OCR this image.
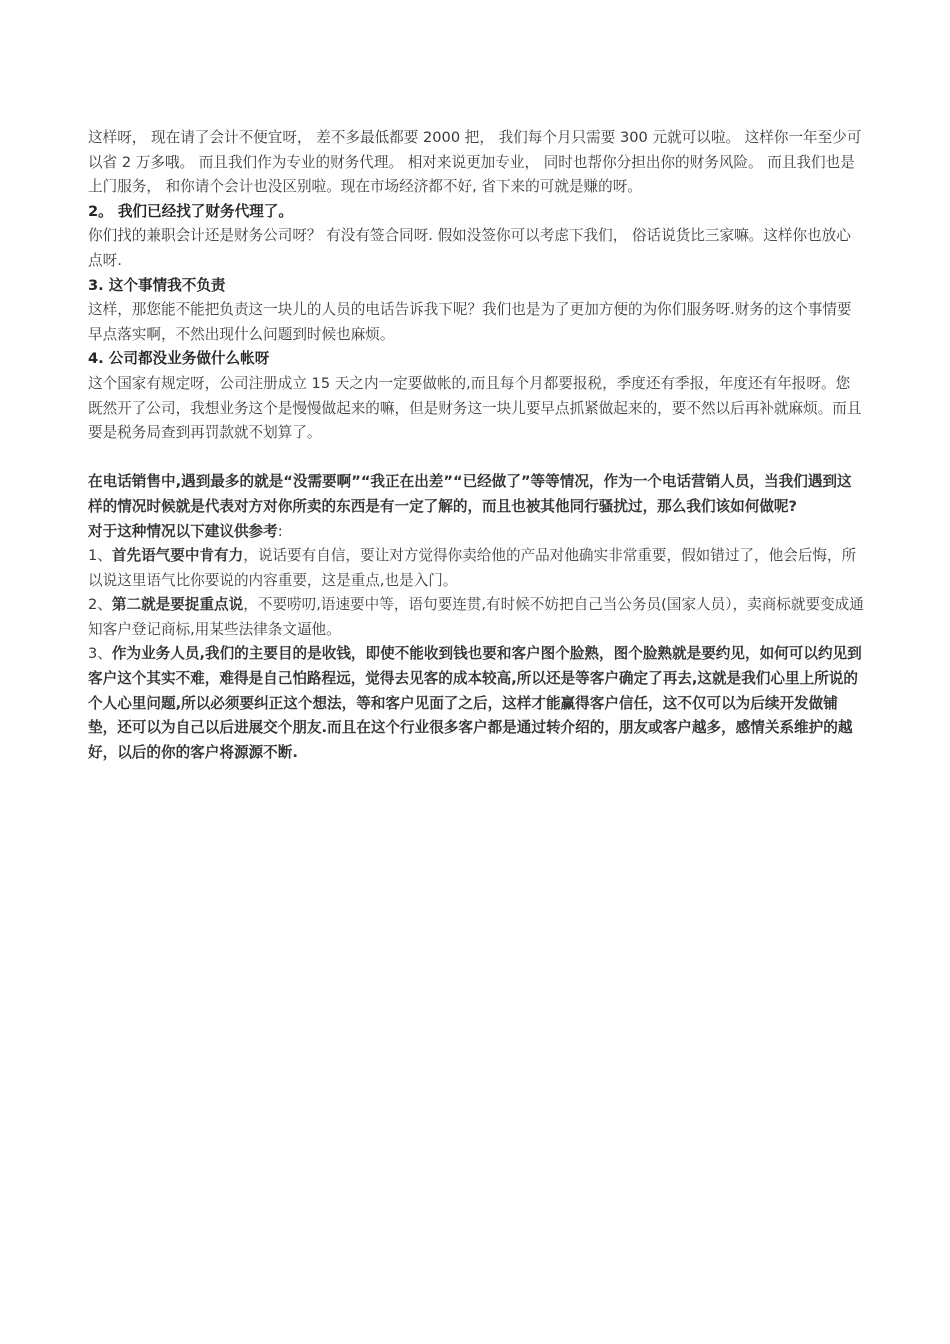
这样呀， 现在请了会计不便宜呀， 差不多最低都要 2000 把， 我们每个月只需要 300 元就可以啦。 这样你一年至少可以省 2 万多哦。 而且我们作为专业的财务代理。 相对来说更加专业， 同时也帮你分担出你的财务风险。 而且我们也是上门服务， 和你请个会计也没区别啦。现在市场经济都不好, 省下来的可就是赚的呀。

2。 我们已经找了财务代理了。

你们找的兼职会计还是财务公司呀？ 有没有签合同呀. 假如没签你可以考虑下我们， 俗话说货比三家嘛。这样你也放心点呀.

3. 这个事情我不负责

这样，那您能不能把负责这一块儿的人员的电话告诉我下呢？我们也是为了更加方便的为你们服务呀.财务的这个事情要早点落实啊，不然出现什么问题到时候也麻烦。

4. 公司都没业务做什么帐呀

这个国家有规定呀，公司注册成立 15 天之内一定要做帐的,而且每个月都要报税，季度还有季报，年度还有年报呀。您既然开了公司，我想业务这个是慢慢做起来的嘛，但是财务这一块儿要早点抓紧做起来的，要不然以后再补就麻烦。而且要是税务局查到再罚款就不划算了。

在电话销售中,遇到最多的就是“没需要啊”“我正在出差”“已经做了”等等情况，作为一个电话营销人员，当我们遇到这样的情况时候就是代表对方对你所卖的东西是有一定了解的，而且也被其他同行骚扰过，那么我们该如何做呢?

对于这种情况以下建议供参考:

1、首先语气要中肯有力，说话要有自信，要让对方觉得你卖给他的产品对他确实非常重要，假如错过了，他会后悔，所以说这里语气比你要说的内容重要，这是重点,也是入门。

2、第二就是要捉重点说，不要唠叨,语速要中等，语句要连贯,有时候不妨把自己当公务员(国家人员），卖商标就要变成通知客户登记商标,用某些法律条文逼他。

3、作为业务人员,我们的主要目的是收钱，即使不能收到钱也要和客户图个脸熟，图个脸熟就是要约见，如何可以约见到客户这个其实不难，难得是自己怕路程远，觉得去见客的成本较高,所以还是等客户确定了再去,这就是我们心里上所说的个人心里问题,所以必须要纠正这个想法，等和客户见面了之后，这样才能赢得客户信任，这不仅可以为后续开发做铺垫，还可以为自己以后进展交个朋友.而且在这个行业很多客户都是通过转介绍的，朋友或客户越多，感情关系维护的越好，以后的你的客户将源源不断.
